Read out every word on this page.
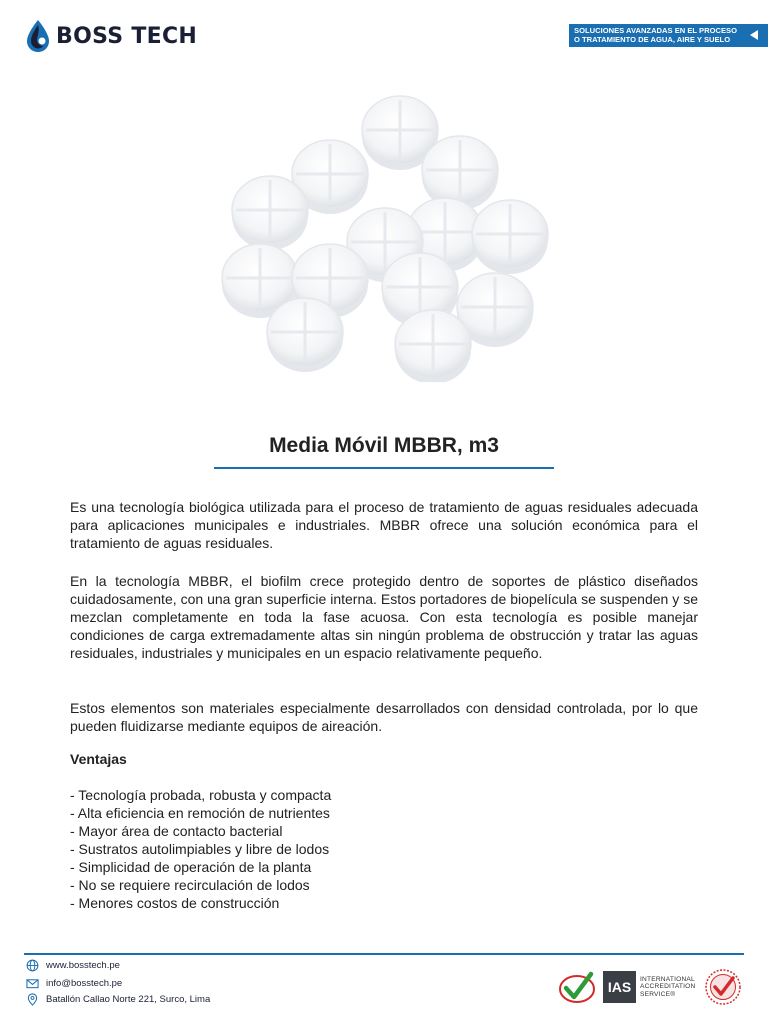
BOSS TECH	SOLUCIONES AVANZADAS EN EL PROCESO
O TRATAMIENTO DE AGUA, AIRE Y SUELO
Media Móvil MBBR, m3

Es una tecnología biológica utilizada para el proceso de tratamiento de aguas residuales adecuada para aplicaciones municipales e industriales. MBBR ofrece una solución económica para el tratamiento de aguas residuales.

En la tecnología MBBR, el biofilm crece protegido dentro de soportes de plástico diseñados cuidadosamente, con una gran superficie interna. Estos portadores de biopelícula se suspenden y se mezclan completamente en toda la fase acuosa. Con esta tecnología es posible manejar condiciones de carga extremadamente altas sin ningún problema de obstrucción y tratar las aguas residuales, industriales y municipales en un espacio relativamente pequeño.

Estos elementos son materiales especialmente desarrollados con densidad controlada, por lo que pueden fluidizarse mediante equipos de aireación.

Ventajas
- Tecnología probada, robusta y compacta
- Alta eficiencia en remoción de nutrientes
- Mayor área de contacto bacterial
- Sustratos autolimpiables y libre de lodos
- Simplicidad de operación de la planta
- No se requiere recirculación de lodos
- Menores costos de construcción
www.bosstech.pe
info@bosstech.pe
Batallón Callao Norte 221, Surco, Lima
IAS	INTERNATIONAL
ACCREDITATION
SERVICE®
